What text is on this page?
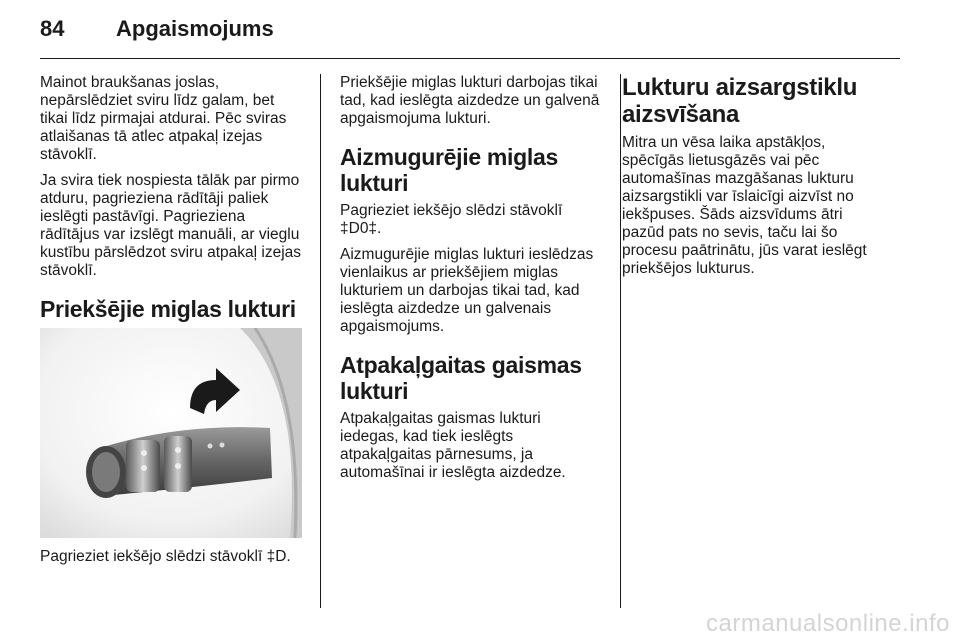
84 Apgaismojums

Mainot braukšanas joslas, nepārslēdziet sviru līdz galam, bet tikai līdz pirmajai atdurai. Pēc sviras atlaišanas tā atlec atpakaļ izejas stāvoklī.

Ja svira tiek nospiesta tālāk par pirmo atduru, pagrieziena rādītāji paliek ieslēgti pastāvīgi. Pagrieziena rādītājus var izslēgt manuāli, ar vieglu kustību pārslēdzot sviru atpakaļ izejas stāvoklī.

Priekšējie miglas lukturi

Pagrieziet iekšējo slēdzi stāvoklī ‡D.

Priekšējie miglas lukturi darbojas tikai tad, kad ieslēgta aizdedze un galvenā apgaismojuma lukturi.

Aizmugurējie miglas lukturi

Pagrieziet iekšējo slēdzi stāvoklī ‡D0‡.

Aizmugurējie miglas lukturi ieslēdzas vienlaikus ar priekšējiem miglas lukturiem un darbojas tikai tad, kad ieslēgta aizdedze un galvenais apgaismojums.

Atpakaļgaitas gaismas lukturi

Atpakaļgaitas gaismas lukturi iedegas, kad tiek ieslēgts atpakaļgaitas pārnesums, ja automašīnai ir ieslēgta aizdedze.

Lukturu aizsargstiklu aizsvīšana

Mitra un vēsa laika apstākļos, spēcīgās lietusgāzēs vai pēc automašīnas mazgāšanas lukturu aizsargstikli var īslaicīgi aizvīst no iekšpuses. Šāds aizsvīdums ātri pazūd pats no sevis, taču lai šo procesu paātrinātu, jūs varat ieslēgt priekšējos lukturus.

carmanualsonline.info
